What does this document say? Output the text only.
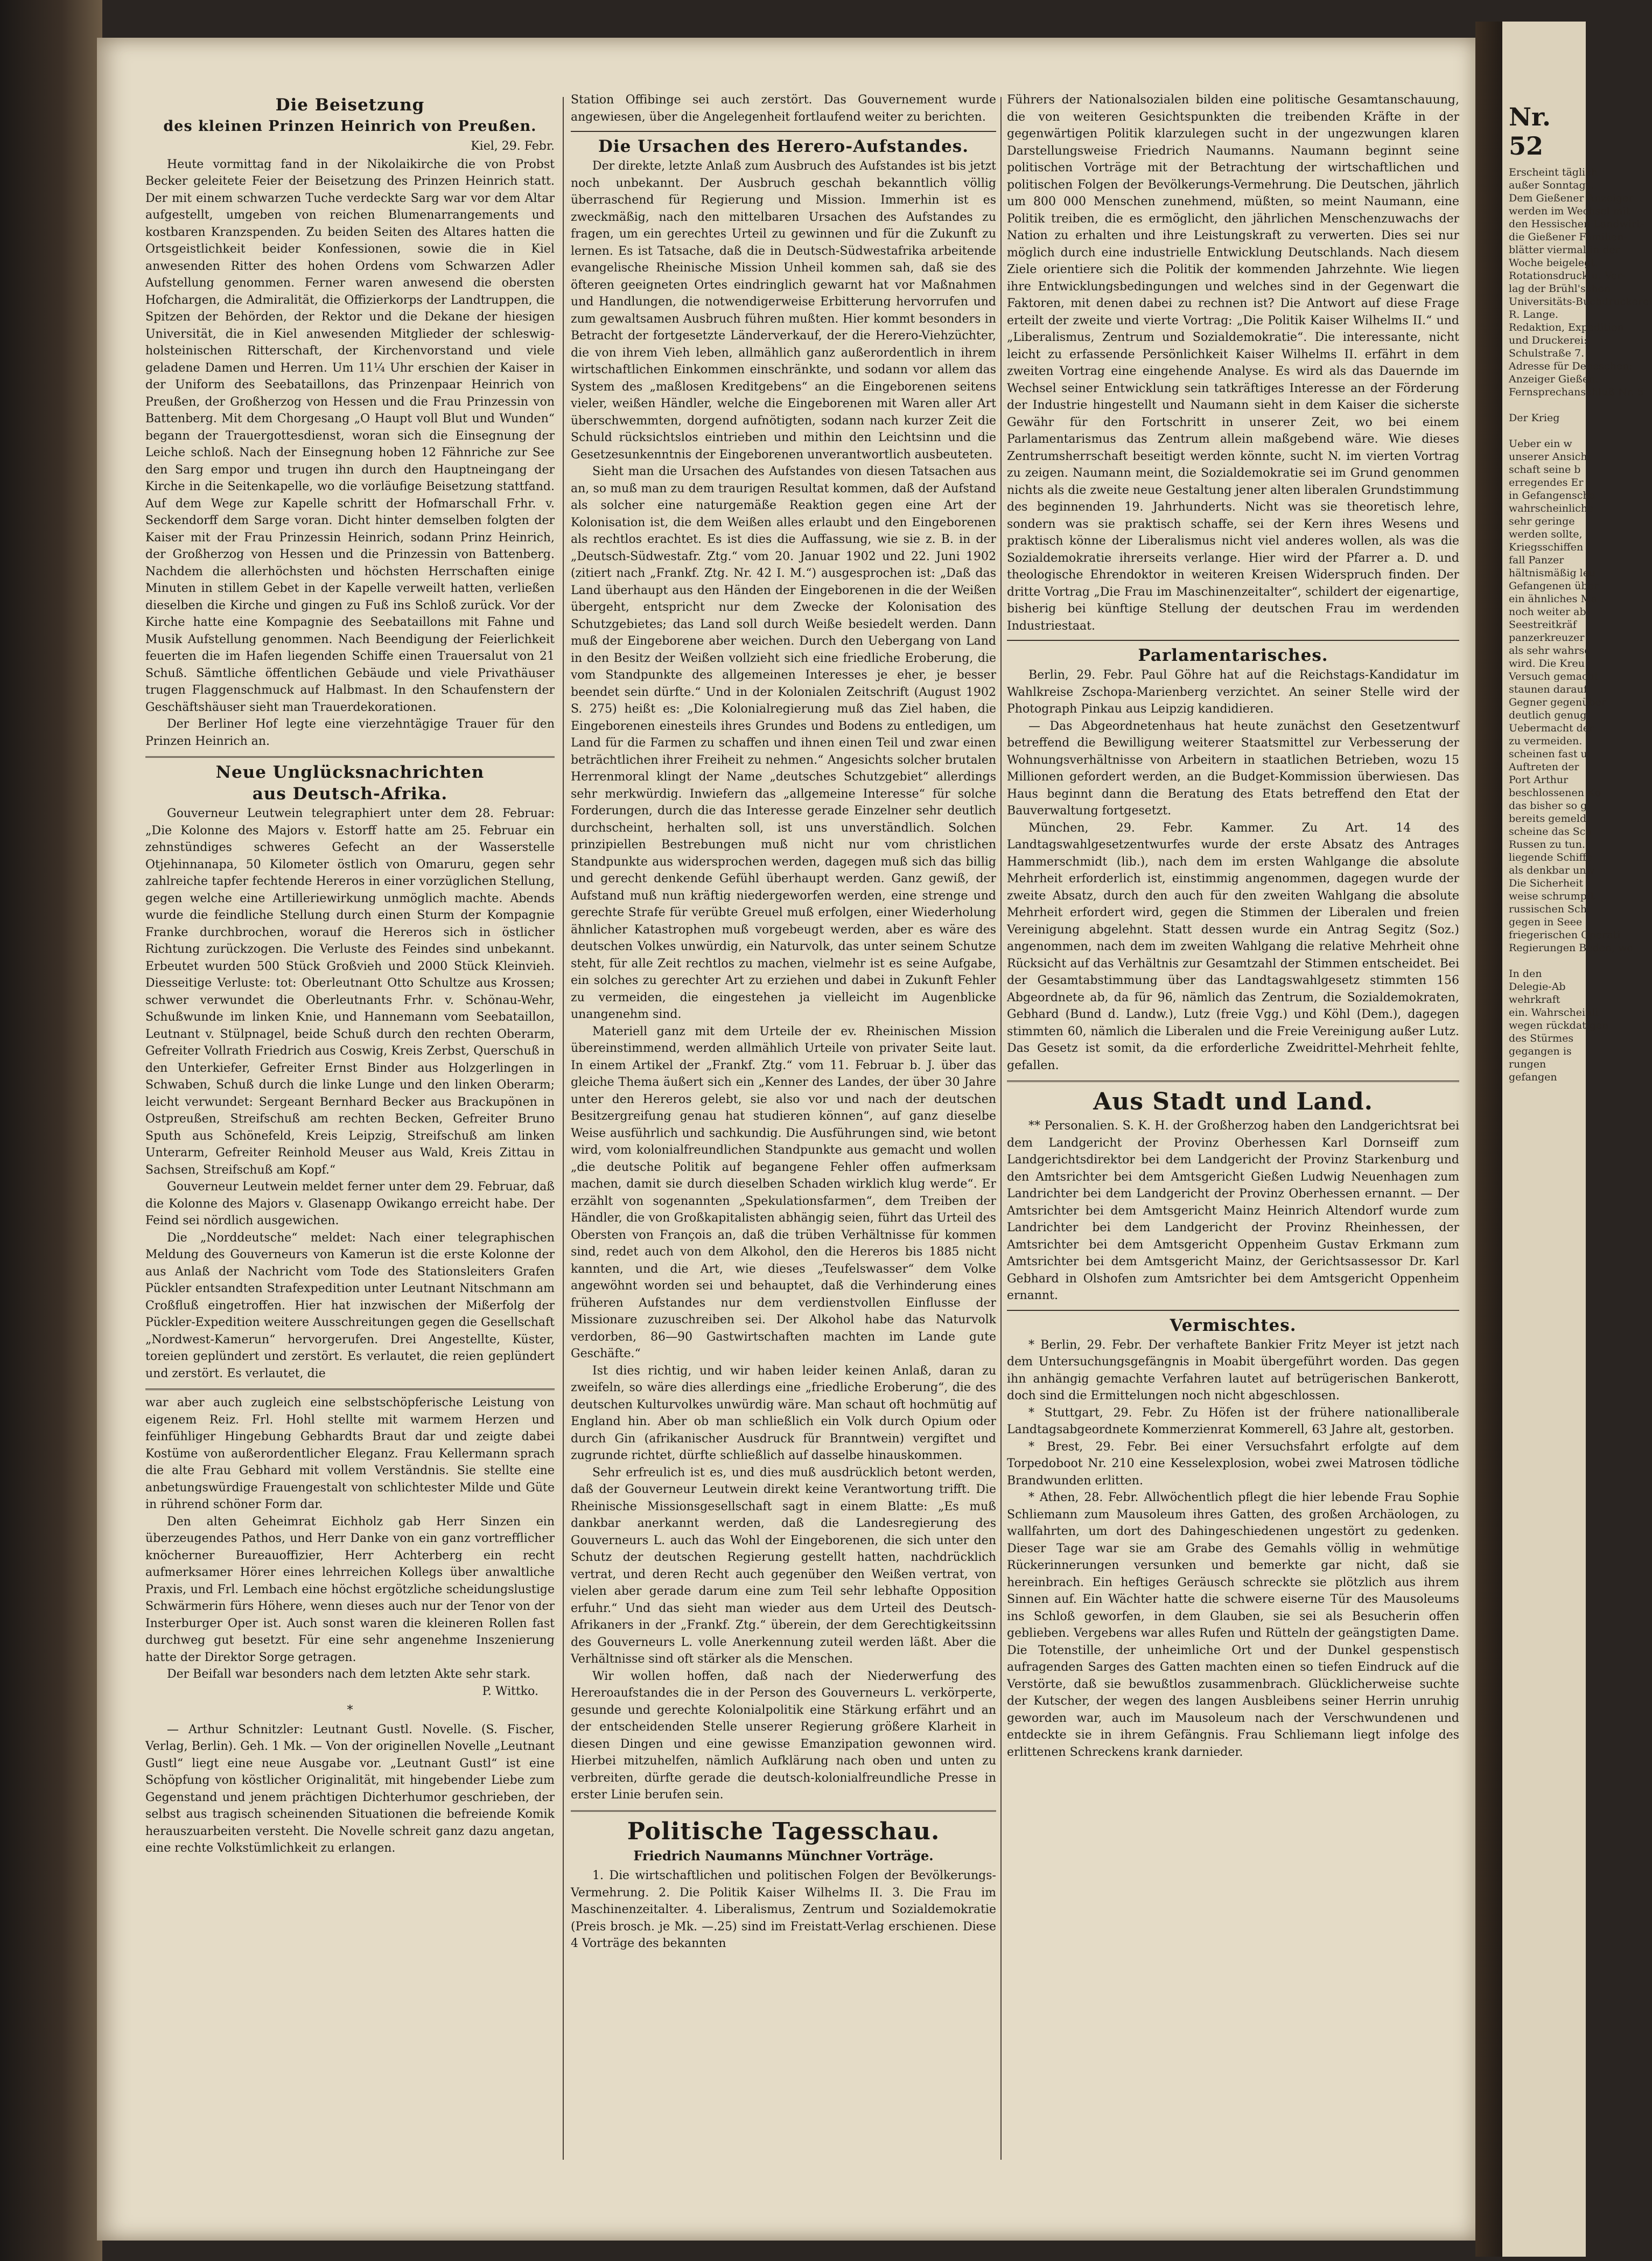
Die Beisetzung
des kleinen Prinzen Heinrich von Preußen.
Kiel, 29. Febr.

Heute vormittag fand in der Nikolaikirche die von Probst Becker geleitete Feier der Beisetzung des Prinzen Heinrich statt. Der mit einem schwarzen Tuche verdeckte Sarg war vor dem Altar aufgestellt, umgeben von reichen Blumenarrangements und kostbaren Kranzspenden. Zu beiden Seiten des Altares hatten die Ortsgeistlichkeit beider Konfessionen, sowie die in Kiel anwesenden Ritter des hohen Ordens vom Schwarzen Adler Aufstellung genommen. Ferner waren anwesend die obersten Hofchargen, die Admiralität, die Offizierkorps der Landtruppen, die Spitzen der Behörden, der Rektor und die Dekane der hiesigen Universität, die in Kiel anwesenden Mitglieder der schleswig-holsteinischen Ritterschaft, der Kirchenvorstand und viele geladene Damen und Herren. Um 11¼ Uhr erschien der Kaiser in der Uniform des Seebataillons, das Prinzenpaar Heinrich von Preußen, der Großherzog von Hessen und die Frau Prinzessin von Battenberg. Mit dem Chorgesang „O Haupt voll Blut und Wunden“ begann der Trauergottesdienst, woran sich die Einsegnung der Leiche schloß. Nach der Einsegnung hoben 12 Fähnriche zur See den Sarg empor und trugen ihn durch den Hauptneingang der Kirche in die Seitenkapelle, wo die vorläufige Beisetzung stattfand. Auf dem Wege zur Kapelle schritt der Hofmarschall Frhr. v. Seckendorff dem Sarge voran. Dicht hinter demselben folgten der Kaiser mit der Frau Prinzessin Heinrich, sodann Prinz Heinrich, der Großherzog von Hessen und die Prinzessin von Battenberg. Nachdem die allerhöchsten und höchsten Herrschaften einige Minuten in stillem Gebet in der Kapelle verweilt hatten, verließen dieselben die Kirche und gingen zu Fuß ins Schloß zurück. Vor der Kirche hatte eine Kompagnie des Seebataillons mit Fahne und Musik Aufstellung genommen. Nach Beendigung der Feierlichkeit feuerten die im Hafen liegenden Schiffe einen Trauersalut von 21 Schuß. Sämtliche öffentlichen Gebäude und viele Privathäuser trugen Flaggenschmuck auf Halbmast. In den Schaufenstern der Geschäftshäuser sieht man Trauerdekorationen.

Der Berliner Hof legte eine vierzehntägige Trauer für den Prinzen Heinrich an.

Neue Unglücksnachrichten
aus Deutsch-Afrika.

Gouverneur Leutwein telegraphiert unter dem 28. Februar: „Die Kolonne des Majors v. Estorff hatte am 25. Februar ein zehnstündiges schweres Gefecht an der Wasserstelle Otjehinnanapa, 50 Kilometer östlich von Omaruru, gegen sehr zahlreiche tapfer fechtende Hereros in einer vorzüglichen Stellung, gegen welche eine Artilleriewirkung unmöglich machte. Abends wurde die feindliche Stellung durch einen Sturm der Kompagnie Franke durchbrochen, worauf die Hereros sich in östlicher Richtung zurückzogen. Die Verluste des Feindes sind unbekannt. Erbeutet wurden 500 Stück Großvieh und 2000 Stück Kleinvieh. Diesseitige Verluste: tot: Oberleutnant Otto Schultze aus Krossen; schwer verwundet die Oberleutnants Frhr. v. Schönau-Wehr, Schußwunde im linken Knie, und Hannemann vom Seebataillon, Leutnant v. Stülpnagel, beide Schuß durch den rechten Oberarm, Gefreiter Vollrath Friedrich aus Coswig, Kreis Zerbst, Querschuß in den Unterkiefer, Gefreiter Ernst Binder aus Holzgerlingen in Schwaben, Schuß durch die linke Lunge und den linken Oberarm; leicht verwundet: Sergeant Bernhard Becker aus Brackupönen in Ostpreußen, Streifschuß am rechten Becken, Gefreiter Bruno Sputh aus Schönefeld, Kreis Leipzig, Streifschuß am linken Unterarm, Gefreiter Reinhold Meuser aus Wald, Kreis Zittau in Sachsen, Streifschuß am Kopf.“

Gouverneur Leutwein meldet ferner unter dem 29. Februar, daß die Kolonne des Majors v. Glasenapp Owikango erreicht habe. Der Feind sei nördlich ausgewichen.

Die „Norddeutsche“ meldet: Nach einer telegraphischen Meldung des Gouverneurs von Kamerun ist die erste Kolonne der aus Anlaß der Nachricht vom Tode des Stationsleiters Grafen Pückler entsandten Strafexpedition unter Leutnant Nitschmann am Croßfluß eingetroffen. Hier hat inzwischen der Mißerfolg der Pückler-Expedition weitere Ausschreitungen gegen die Gesellschaft „Nordwest-Kamerun“ hervorgerufen. Drei Angestellte, Küster, toreien geplündert und zerstört. Es verlautet, die reien geplündert und zerstört. Es verlautet, die

war aber auch zugleich eine selbstschöpferische Leistung von eigenem Reiz. Frl. Hohl stellte mit warmem Herzen und feinfühliger Hingebung Gebhardts Braut dar und zeigte dabei Kostüme von außerordentlicher Eleganz. Frau Kellermann sprach die alte Frau Gebhard mit vollem Verständnis. Sie stellte eine anbetungswürdige Frauengestalt von schlichtester Milde und Güte in rührend schöner Form dar.

Den alten Geheimrat Eichholz gab Herr Sinzen ein überzeugendes Pathos, und Herr Danke von ein ganz vortrefflicher knöcherner Bureauoffizier, Herr Achterberg ein recht aufmerksamer Hörer eines lehrreichen Kollegs über anwaltliche Praxis, und Frl. Lembach eine höchst ergötzliche scheidungslustige Schwärmerin fürs Höhere, wenn dieses auch nur der Tenor von der Insterburger Oper ist. Auch sonst waren die kleineren Rollen fast durchweg gut besetzt. Für eine sehr angenehme Inszenierung hatte der Direktor Sorge getragen.

Der Beifall war besonders nach dem letzten Akte sehr stark.

P. Wittko.
*

— Arthur Schnitzler: Leutnant Gustl. Novelle. (S. Fischer, Verlag, Berlin). Geh. 1 Mk. — Von der originellen Novelle „Leutnant Gustl“ liegt eine neue Ausgabe vor. „Leutnant Gustl“ ist eine Schöpfung von köstlicher Originalität, mit hingebender Liebe zum Gegenstand und jenem prächtigen Dichterhumor geschrieben, der selbst aus tragisch scheinenden Situationen die befreiende Komik herauszuarbeiten versteht. Die Novelle schreit ganz dazu angetan, eine rechte Volkstümlichkeit zu erlangen.

Station Offibinge sei auch zerstört. Das Gouvernement wurde angewiesen, über die Angelegenheit fortlaufend weiter zu berichten.

Die Ursachen des Herero-Aufstandes.

Der direkte, letzte Anlaß zum Ausbruch des Aufstandes ist bis jetzt noch unbekannt. Der Ausbruch geschah bekanntlich völlig überraschend für Regierung und Mission. Immerhin ist es zweckmäßig, nach den mittelbaren Ursachen des Aufstandes zu fragen, um ein gerechtes Urteil zu gewinnen und für die Zukunft zu lernen. Es ist Tatsache, daß die in Deutsch-Südwestafrika arbeitende evangelische Rheinische Mission Unheil kommen sah, daß sie des öfteren geeigneten Ortes eindringlich gewarnt hat vor Maßnahmen und Handlungen, die notwendigerweise Erbitterung hervorrufen und zum gewaltsamen Ausbruch führen mußten. Hier kommt besonders in Betracht der fortgesetzte Länderverkauf, der die Herero-Viehzüchter, die von ihrem Vieh leben, allmählich ganz außerordentlich in ihrem wirtschaftlichen Einkommen einschränkte, und sodann vor allem das System des „maßlosen Kreditgebens“ an die Eingeborenen seitens vieler, weißen Händler, welche die Eingeborenen mit Waren aller Art überschwemmten, dorgend aufnötigten, sodann nach kurzer Zeit die Schuld rücksichtslos eintrieben und mithin den Leichtsinn und die Gesetzesunkenntnis der Eingeborenen unverantwortlich ausbeuteten.

Sieht man die Ursachen des Aufstandes von diesen Tatsachen aus an, so muß man zu dem traurigen Resultat kommen, daß der Aufstand als solcher eine naturgemäße Reaktion gegen eine Art der Kolonisation ist, die dem Weißen alles erlaubt und den Eingeborenen als rechtlos erachtet. Es ist dies die Auffassung, wie sie z. B. in der „Deutsch-Südwestafr. Ztg.“ vom 20. Januar 1902 und 22. Juni 1902 (zitiert nach „Frankf. Ztg. Nr. 42 I. M.“) ausgesprochen ist: „Daß das Land überhaupt aus den Händen der Eingeborenen in die der Weißen übergeht, entspricht nur dem Zwecke der Kolonisation des Schutzgebietes; das Land soll durch Weiße besiedelt werden. Dann muß der Eingeborene aber weichen. Durch den Uebergang von Land in den Besitz der Weißen vollzieht sich eine friedliche Eroberung, die vom Standpunkte des allgemeinen Interesses je eher, je besser beendet sein dürfte.“ Und in der Kolonialen Zeitschrift (August 1902 S. 275) heißt es: „Die Kolonialregierung muß das Ziel haben, die Eingeborenen einesteils ihres Grundes und Bodens zu entledigen, um Land für die Farmen zu schaffen und ihnen einen Teil und zwar einen beträchtlichen ihrer Freiheit zu nehmen.“ Angesichts solcher brutalen Herrenmoral klingt der Name „deutsches Schutzgebiet“ allerdings sehr merkwürdig. Inwiefern das „allgemeine Interesse“ für solche Forderungen, durch die das Interesse gerade Einzelner sehr deutlich durchscheint, herhalten soll, ist uns unverständlich. Solchen prinzipiellen Bestrebungen muß nicht nur vom christlichen Standpunkte aus widersprochen werden, dagegen muß sich das billig und gerecht denkende Gefühl überhaupt werden. Ganz gewiß, der Aufstand muß nun kräftig niedergeworfen werden, eine strenge und gerechte Strafe für verübte Greuel muß erfolgen, einer Wiederholung ähnlicher Katastrophen muß vorgebeugt werden, aber es wäre des deutschen Volkes unwürdig, ein Naturvolk, das unter seinem Schutze steht, für alle Zeit rechtlos zu machen, vielmehr ist es seine Aufgabe, ein solches zu gerechter Art zu erziehen und dabei in Zukunft Fehler zu vermeiden, die eingestehen ja vielleicht im Augenblicke unangenehm sind.

Materiell ganz mit dem Urteile der ev. Rheinischen Mission übereinstimmend, werden allmählich Urteile von privater Seite laut. In einem Artikel der „Frankf. Ztg.“ vom 11. Februar b. J. über das gleiche Thema äußert sich ein „Kenner des Landes, der über 30 Jahre unter den Hereros gelebt, sie also vor und nach der deutschen Besitzergreifung genau hat studieren können“, auf ganz dieselbe Weise ausführlich und sachkundig. Die Ausführungen sind, wie betont wird, vom kolonialfreundlichen Standpunkte aus gemacht und wollen „die deutsche Politik auf begangene Fehler offen aufmerksam machen, damit sie durch dieselben Schaden wirklich klug werde“. Er erzählt von sogenannten „Spekulationsfarmen“, dem Treiben der Händler, die von Großkapitalisten abhängig seien, führt das Urteil des Obersten von François an, daß die trüben Verhältnisse für kommen sind, redet auch von dem Alkohol, den die Hereros bis 1885 nicht kannten, und die Art, wie dieses „Teufelswasser“ dem Volke angewöhnt worden sei und behauptet, daß die Verhinderung eines früheren Aufstandes nur dem verdienstvollen Einflusse der Missionare zuzuschreiben sei. Der Alkohol habe das Naturvolk verdorben, 86—90 Gastwirtschaften machten im Lande gute Geschäfte.“

Ist dies richtig, und wir haben leider keinen Anlaß, daran zu zweifeln, so wäre dies allerdings eine „friedliche Eroberung“, die des deutschen Kulturvolkes unwürdig wäre. Man schaut oft hochmütig auf England hin. Aber ob man schließlich ein Volk durch Opium oder durch Gin (afrikanischer Ausdruck für Branntwein) vergiftet und zugrunde richtet, dürfte schließlich auf dasselbe hinauskommen.

Sehr erfreulich ist es, und dies muß ausdrücklich betont werden, daß der Gouverneur Leutwein direkt keine Verantwortung trifft. Die Rheinische Missionsgesellschaft sagt in einem Blatte: „Es muß dankbar anerkannt werden, daß die Landesregierung des Gouverneurs L. auch das Wohl der Eingeborenen, die sich unter den Schutz der deutschen Regierung gestellt hatten, nachdrücklich vertrat, und deren Recht auch gegenüber den Weißen vertrat, von vielen aber gerade darum eine zum Teil sehr lebhafte Opposition erfuhr.“ Und das sieht man wieder aus dem Urteil des Deutsch-Afrikaners in der „Frankf. Ztg.“ überein, der dem Gerechtigkeitssinn des Gouverneurs L. volle Anerkennung zuteil werden läßt. Aber die Verhältnisse sind oft stärker als die Menschen.

Wir wollen hoffen, daß nach der Niederwerfung des Hereroaufstandes die in der Person des Gouverneurs L. verkörperte, gesunde und gerechte Kolonialpolitik eine Stärkung erfährt und an der entscheidenden Stelle unserer Regierung größere Klarheit in diesen Dingen und eine gewisse Emanzipation gewonnen wird. Hierbei mitzuhelfen, nämlich Aufklärung nach oben und unten zu verbreiten, dürfte gerade die deutsch-kolonialfreundliche Presse in erster Linie berufen sein.

Politische Tagesschau.
Friedrich Naumanns Münchner Vorträge.

1. Die wirtschaftlichen und politischen Folgen der Bevölkerungs-Vermehrung. 2. Die Politik Kaiser Wilhelms II. 3. Die Frau im Maschinenzeitalter. 4. Liberalismus, Zentrum und Sozialdemokratie (Preis brosch. je Mk. —.25) sind im Freistatt-Verlag erschienen. Diese 4 Vorträge des bekannten

Führers der Nationalsozialen bilden eine politische Gesamtanschauung, die von weiteren Gesichtspunkten die treibenden Kräfte in der gegenwärtigen Politik klarzulegen sucht in der ungezwungen klaren Darstellungsweise Friedrich Naumanns. Naumann beginnt seine politischen Vorträge mit der Betrachtung der wirtschaftlichen und politischen Folgen der Bevölkerungs-Vermehrung. Die Deutschen, jährlich um 800 000 Menschen zunehmend, müßten, so meint Naumann, eine Politik treiben, die es ermöglicht, den jährlichen Menschenzuwachs der Nation zu erhalten und ihre Leistungskraft zu verwerten. Dies sei nur möglich durch eine industrielle Entwicklung Deutschlands. Nach diesem Ziele orientiere sich die Politik der kommenden Jahrzehnte. Wie liegen ihre Entwicklungsbedingungen und welches sind in der Gegenwart die Faktoren, mit denen dabei zu rechnen ist? Die Antwort auf diese Frage erteilt der zweite und vierte Vortrag: „Die Politik Kaiser Wilhelms II.“ und „Liberalismus, Zentrum und Sozialdemokratie“. Die interessante, nicht leicht zu erfassende Persönlichkeit Kaiser Wilhelms II. erfährt in dem zweiten Vortrag eine eingehende Analyse. Es wird als das Dauernde im Wechsel seiner Entwicklung sein tatkräftiges Interesse an der Förderung der Industrie hingestellt und Naumann sieht in dem Kaiser die sicherste Gewähr für den Fortschritt in unserer Zeit, wo bei einem Parlamentarismus das Zentrum allein maßgebend wäre. Wie dieses Zentrumsherrschaft beseitigt werden könnte, sucht N. im vierten Vortrag zu zeigen. Naumann meint, die Sozialdemokratie sei im Grund genommen nichts als die zweite neue Gestaltung jener alten liberalen Grundstimmung des beginnenden 19. Jahrhunderts. Nicht was sie theoretisch lehre, sondern was sie praktisch schaffe, sei der Kern ihres Wesens und praktisch könne der Liberalismus nicht viel anderes wollen, als was die Sozialdemokratie ihrerseits verlange. Hier wird der Pfarrer a. D. und theologische Ehrendoktor in weiteren Kreisen Widerspruch finden. Der dritte Vortrag „Die Frau im Maschinenzeitalter“, schildert der eigenartige, bisherig bei künftige Stellung der deutschen Frau im werdenden Industriestaat.

Parlamentarisches.

Berlin, 29. Febr. Paul Göhre hat auf die Reichstags-Kandidatur im Wahlkreise Zschopa-Marienberg verzichtet. An seiner Stelle wird der Photograph Pinkau aus Leipzig kandidieren.

— Das Abgeordnetenhaus hat heute zunächst den Gesetzentwurf betreffend die Bewilligung weiterer Staatsmittel zur Verbesserung der Wohnungsverhältnisse von Arbeitern in staatlichen Betrieben, wozu 15 Millionen gefordert werden, an die Budget-Kommission überwiesen. Das Haus beginnt dann die Beratung des Etats betreffend den Etat der Bauverwaltung fortgesetzt.

München, 29. Febr. Kammer. Zu Art. 14 des Landtagswahlgesetzentwurfes wurde der erste Absatz des Antrages Hammerschmidt (lib.), nach dem im ersten Wahlgange die absolute Mehrheit erforderlich ist, einstimmig angenommen, dagegen wurde der zweite Absatz, durch den auch für den zweiten Wahlgang die absolute Mehrheit erfordert wird, gegen die Stimmen der Liberalen und freien Vereinigung abgelehnt. Statt dessen wurde ein Antrag Segitz (Soz.) angenommen, nach dem im zweiten Wahlgang die relative Mehrheit ohne Rücksicht auf das Verhältnis zur Gesamtzahl der Stimmen entscheidet. Bei der Gesamtabstimmung über das Landtagswahlgesetz stimmten 156 Abgeordnete ab, da für 96, nämlich das Zentrum, die Sozialdemokraten, Gebhard (Bund d. Landw.), Lutz (freie Vgg.) und Köhl (Dem.), dagegen stimmten 60, nämlich die Liberalen und die Freie Vereinigung außer Lutz. Das Gesetz ist somit, da die erforderliche Zweidrittel-Mehrheit fehlte, gefallen.

Aus Stadt und Land.

** Personalien. S. K. H. der Großherzog haben den Landgerichtsrat bei dem Landgericht der Provinz Oberhessen Karl Dornseiff zum Landgerichtsdirektor bei dem Landgericht der Provinz Starkenburg und den Amtsrichter bei dem Amtsgericht Gießen Ludwig Neuenhagen zum Landrichter bei dem Landgericht der Provinz Oberhessen ernannt. — Der Amtsrichter bei dem Amtsgericht Mainz Heinrich Altendorf wurde zum Landrichter bei dem Landgericht der Provinz Rheinhessen, der Amtsrichter bei dem Amtsgericht Oppenheim Gustav Erkmann zum Amtsrichter bei dem Amtsgericht Mainz, der Gerichtsassessor Dr. Karl Gebhard in Olshofen zum Amtsrichter bei dem Amtsgericht Oppenheim ernannt.

Vermischtes.

* Berlin, 29. Febr. Der verhaftete Bankier Fritz Meyer ist jetzt nach dem Untersuchungsgefängnis in Moabit übergeführt worden. Das gegen ihn anhängig gemachte Verfahren lautet auf betrügerischen Bankerott, doch sind die Ermittelungen noch nicht abgeschlossen.

* Stuttgart, 29. Febr. Zu Höfen ist der frühere nationalliberale Landtagsabgeordnete Kommerzienrat Kommerell, 63 Jahre alt, gestorben.

* Brest, 29. Febr. Bei einer Versuchsfahrt erfolgte auf dem Torpedoboot Nr. 210 eine Kesselexplosion, wobei zwei Matrosen tödliche Brandwunden erlitten.

* Athen, 28. Febr. Allwöchentlich pflegt die hier lebende Frau Sophie Schliemann zum Mausoleum ihres Gatten, des großen Archäologen, zu wallfahrten, um dort des Dahingeschiedenen ungestört zu gedenken. Dieser Tage war sie am Grabe des Gemahls völlig in wehmütige Rückerinnerungen versunken und bemerkte gar nicht, daß sie hereinbrach. Ein heftiges Geräusch schreckte sie plötzlich aus ihrem Sinnen auf. Ein Wächter hatte die schwere eiserne Tür des Mausoleums ins Schloß geworfen, in dem Glauben, sie sei als Besucherin offen geblieben. Vergebens war alles Rufen und Rütteln der geängstigten Dame. Die Totenstille, der unheimliche Ort und der Dunkel gespenstisch aufragenden Sarges des Gatten machten einen so tiefen Eindruck auf die Verstörte, daß sie bewußtlos zusammenbrach. Glücklicherweise suchte der Kutscher, der wegen des langen Ausbleibens seiner Herrin unruhig geworden war, auch im Mausoleum nach der Verschwundenen und entdeckte sie in ihrem Gefängnis. Frau Schliemann liegt infolge des erlittenen Schreckens krank darnieder.

Nr. 52
Erscheint täglich
außer Sonntags.
Dem Gießener Anzeiger
werden im Wechsel mit
den Hessischen Landwirt-
die Gießener Familien-
blätter viermal in der
Woche beigelegt.
Rotationsdruck u. Ver-
lag der Brühl'schen
Universitäts-Buchdruckerei
R. Lange.
Redaktion, Expedition
und Druckerei:
Schulstraße 7.
Adresse für Depeschen:
Anzeiger Gießen.
Fernsprechanschluß Nr. 5

Der Krieg

Ueber ein w
unserer Ansicht
schaft seine b
erregendes Er
in Gefangenscha
wahrscheinliche
sehr geringe
werden sollte,
Kriegsschiffen
fall Panzer
hältnismäßig leu
Gefangenen über
ein ähnliches Ma
noch weiter ab
Seestreitkräf
panzerkreuzer
als sehr wahrsc
wird. Die Kreu
Versuch gemacht
staunen darauf
Gegner gegenüber
deutlich genug
Uebermacht der
zu vermeiden.
scheinen fast u
Auftreten der
Port Arthur
beschlossenen Ko
das bisher so g
bereits gemeld
scheine das Sch
Russen zu tun.
liegende Schiffe
als denkbar unw
Die Sicherheit
weise schrumpft
russischen Schi
gegen in Seee
friegerischen Operati
Regierungen Beden, wo

In den
Delegie-Ab
wehrkraft
ein. Wahrscheinli
wegen rückdatigen
des Stürmes
gegangen is
rungen
gefangen
